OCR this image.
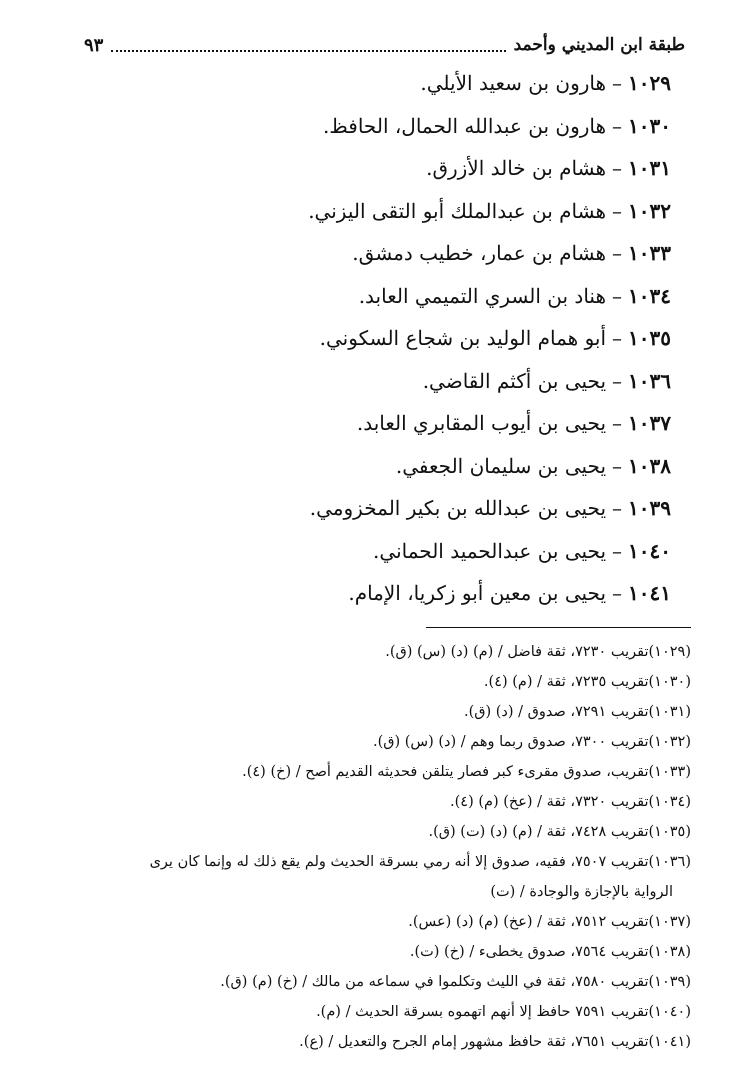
طبقة ابن المديني وأحمد
٩٣
١٠٢٩–هارون بن سعيد الأيلي.
١٠٣٠–هارون بن عبدالله الحمال، الحافظ.
١٠٣١–هشام بن خالد الأزرق.
١٠٣٢–هشام بن عبدالملك أبو التقى اليزني.
١٠٣٣–هشام بن عمار، خطيب دمشق.
١٠٣٤–هناد بن السري التميمي العابد.
١٠٣٥–أبو همام الوليد بن شجاع السكوني.
١٠٣٦–يحيى بن أكثم القاضي.
١٠٣٧–يحيى بن أيوب المقابري العابد.
١٠٣٨–يحيى بن سليمان الجعفي.
١٠٣٩–يحيى بن عبدالله بن بكير المخزومي.
١٠٤٠–يحيى بن عبدالحميد الحماني.
١٠٤١–يحيى بن معين أبو زكريا، الإمام.
(١٠٢٩)تقريب ٧٢٣٠، ثقة فاضل / (م) (د) (س) (ق).
(١٠٣٠)تقريب ٧٢٣٥، ثقة / (م) (٤).
(١٠٣١)تقريب ٧٢٩١، صدوق / (د) (ق).
(١٠٣٢)تقريب ٧٣٠٠، صدوق ربما وهم / (د) (س) (ق).
(١٠٣٣)تقريب، صدوق مقرىء كبر فصار يتلقن فحديثه القديم أصح / (خ) (٤).
(١٠٣٤)تقريب ٧٣٢٠، ثقة / (عخ) (م) (٤).
(١٠٣٥)تقريب ٧٤٢٨، ثقة / (م) (د) (ت) (ق).
(١٠٣٦)تقريب ٧٥٠٧، فقيه، صدوق إلا أنه رمي بسرقة الحديث ولم يقع ذلك له وإنما كان يرى
الرواية بالإجازة والوجادة / (ت)
(١٠٣٧)تقريب ٧٥١٢، ثقة / (عخ) (م) (د) (عس).
(١٠٣٨)تقريب ٧٥٦٤، صدوق يخطىء / (خ) (ت).
(١٠٣٩)تقريب ٧٥٨٠، ثقة في الليث وتكلموا في سماعه من مالك / (خ) (م) (ق).
(١٠٤٠)تقريب ٧٥٩١ حافظ إلا أنهم اتهموه بسرقة الحديث / (م).
(١٠٤١)تقريب ٧٦٥١، ثقة حافظ مشهور إمام الجرح والتعديل / (ع).
